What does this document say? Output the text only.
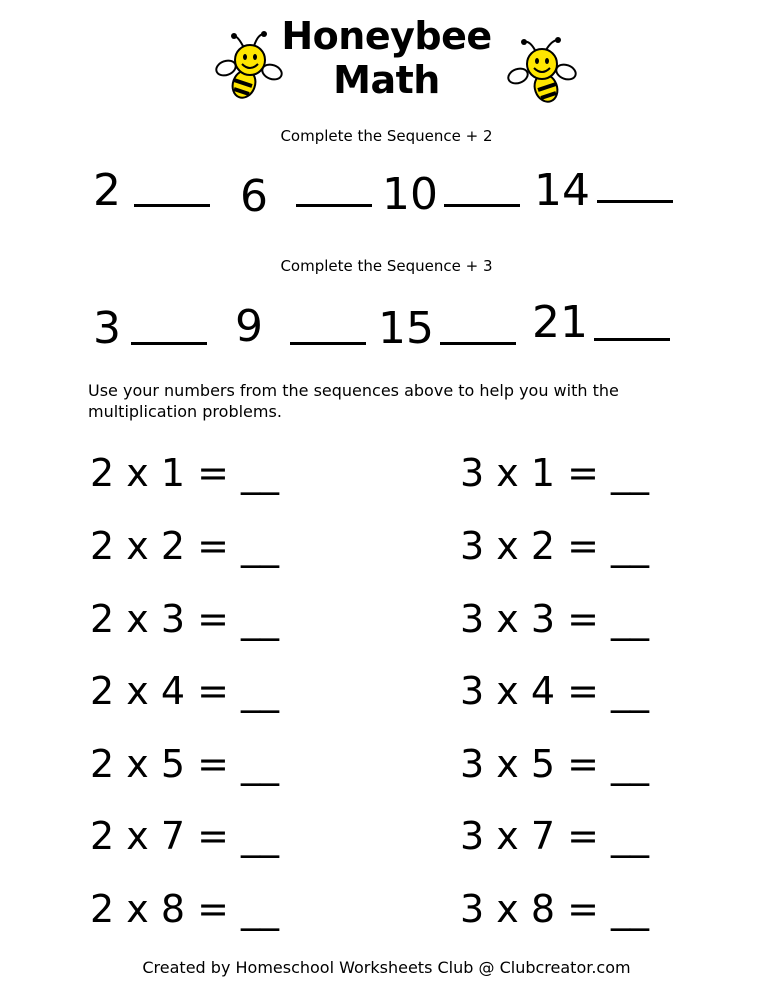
Honeybee
Math
Complete the Sequence + 2
2	6	10 14
Complete the Sequence + 3
3	9	15 21
Use your numbers from the sequences above to help you with the multiplication problems.
2 x 1 = __
2 x 2 = __
2 x 3 = __
2 x 4 = __
2 x 5 = __
2 x 7 = __
2 x 8 = __
3 x 1 = __
3 x 2 = __
3 x 3 = __
3 x 4 = __
3 x 5 = __
3 x 7 = __
3 x 8 = __
Created by Homeschool Worksheets Club @ Clubcreator.com
